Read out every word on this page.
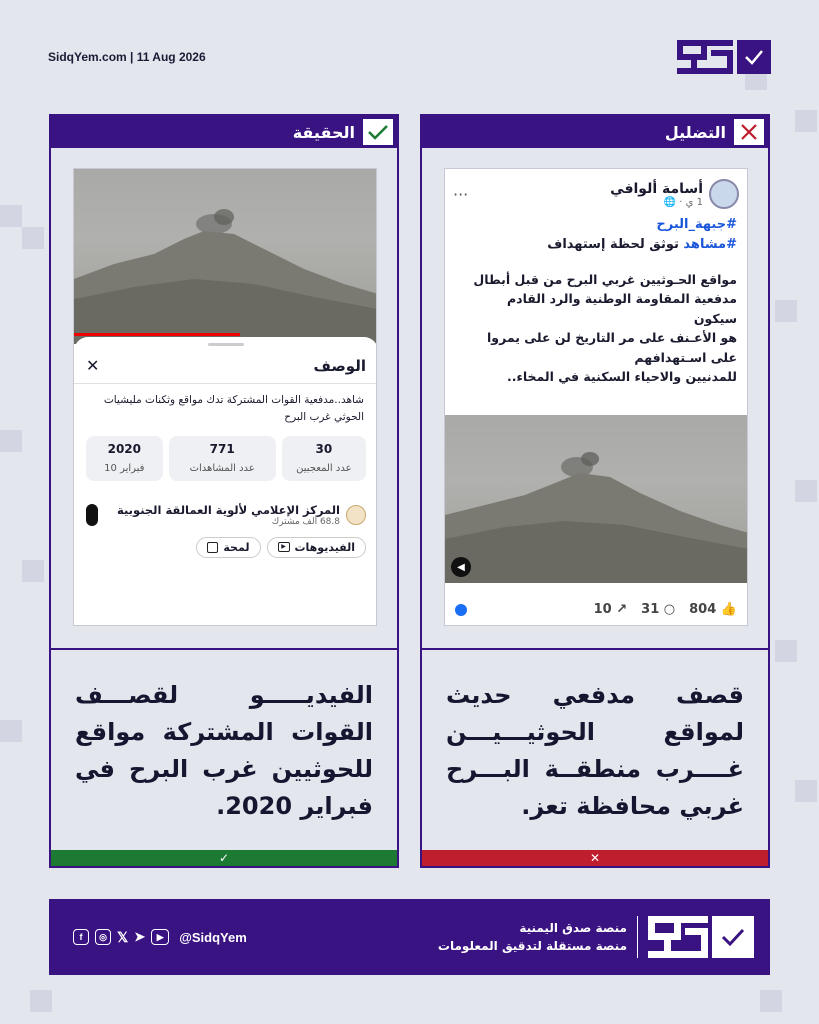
SidqYem.com | 11 Aug 2026
الحقيقة
الوصف
✕

شاهد..مدفعية القوات المشتركة تدك مواقع وثكنات مليشيات الحوثي غرب البرح

30
عدد المعجبين
771
عدد المشاهدات
2020
10 فبراير
المركز الإعلامي لألوية العمالقة الجنوبية
68.8 ألف مشترك
▶ الفيديوهات
لمحة

الفيديـــــو لقصـــف القوات المشتركة مواقع للحوثيين غرب البرح في فبراير 2020.

✓
التضليل
أسامة ألوافي
1 ي · 🌐
···
#جبهة_البرح
#مشاهد توثق لحظة إستهداف
مواقع الحـوثيين غربي البرح من قبل أبطال
مدفعية المقاومة الوطنية والرد القادم
سيكون
هو الأعـنف على مر التاريخ لن على يمروا
على اسـتهدافهم
للمدنيين والاحياء السكنية في المخاء..
◀
10 ↗ 31 ○ 804 👍

قصف مدفعي حديث لمواقع الحوثيـــيـــن غــــرب منطقــة البـــرح غربي محافظة تعز.

✕
f	◎ 𝕏 ➤	▶	@SidqYem
منصة صدق اليمنية
منصة مستقلة لتدقيق المعلومات
